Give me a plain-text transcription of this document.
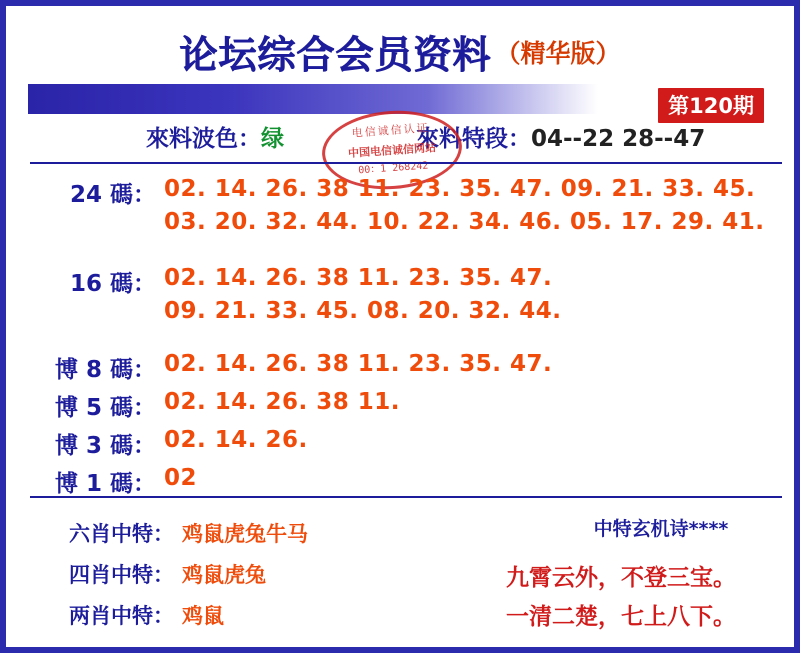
论坛综合会员资料 （精华版）
第120期
來料波色：绿	來料特段：04--22 28--47
电信诚信认证
中国电信诚信网站
00：1 268242
24 碼： 02. 14. 26. 38 11. 23. 35. 47. 09. 21. 33. 45.
03. 20. 32. 44. 10. 22. 34. 46. 05. 17. 29. 41.
16 碼： 02. 14. 26. 38 11. 23. 35. 47.
09. 21. 33. 45. 08. 20. 32. 44.
博 8 碼： 02. 14. 26. 38 11. 23. 35. 47.
博 5 碼： 02. 14. 26. 38 11.
博 3 碼： 02. 14. 26.
博 1 碼： 02
六肖中特： 鸡鼠虎兔牛马
四肖中特： 鸡鼠虎兔
两肖中特： 鸡鼠
中特玄机诗****
九霄云外，不登三宝。
一清二楚，七上八下。
